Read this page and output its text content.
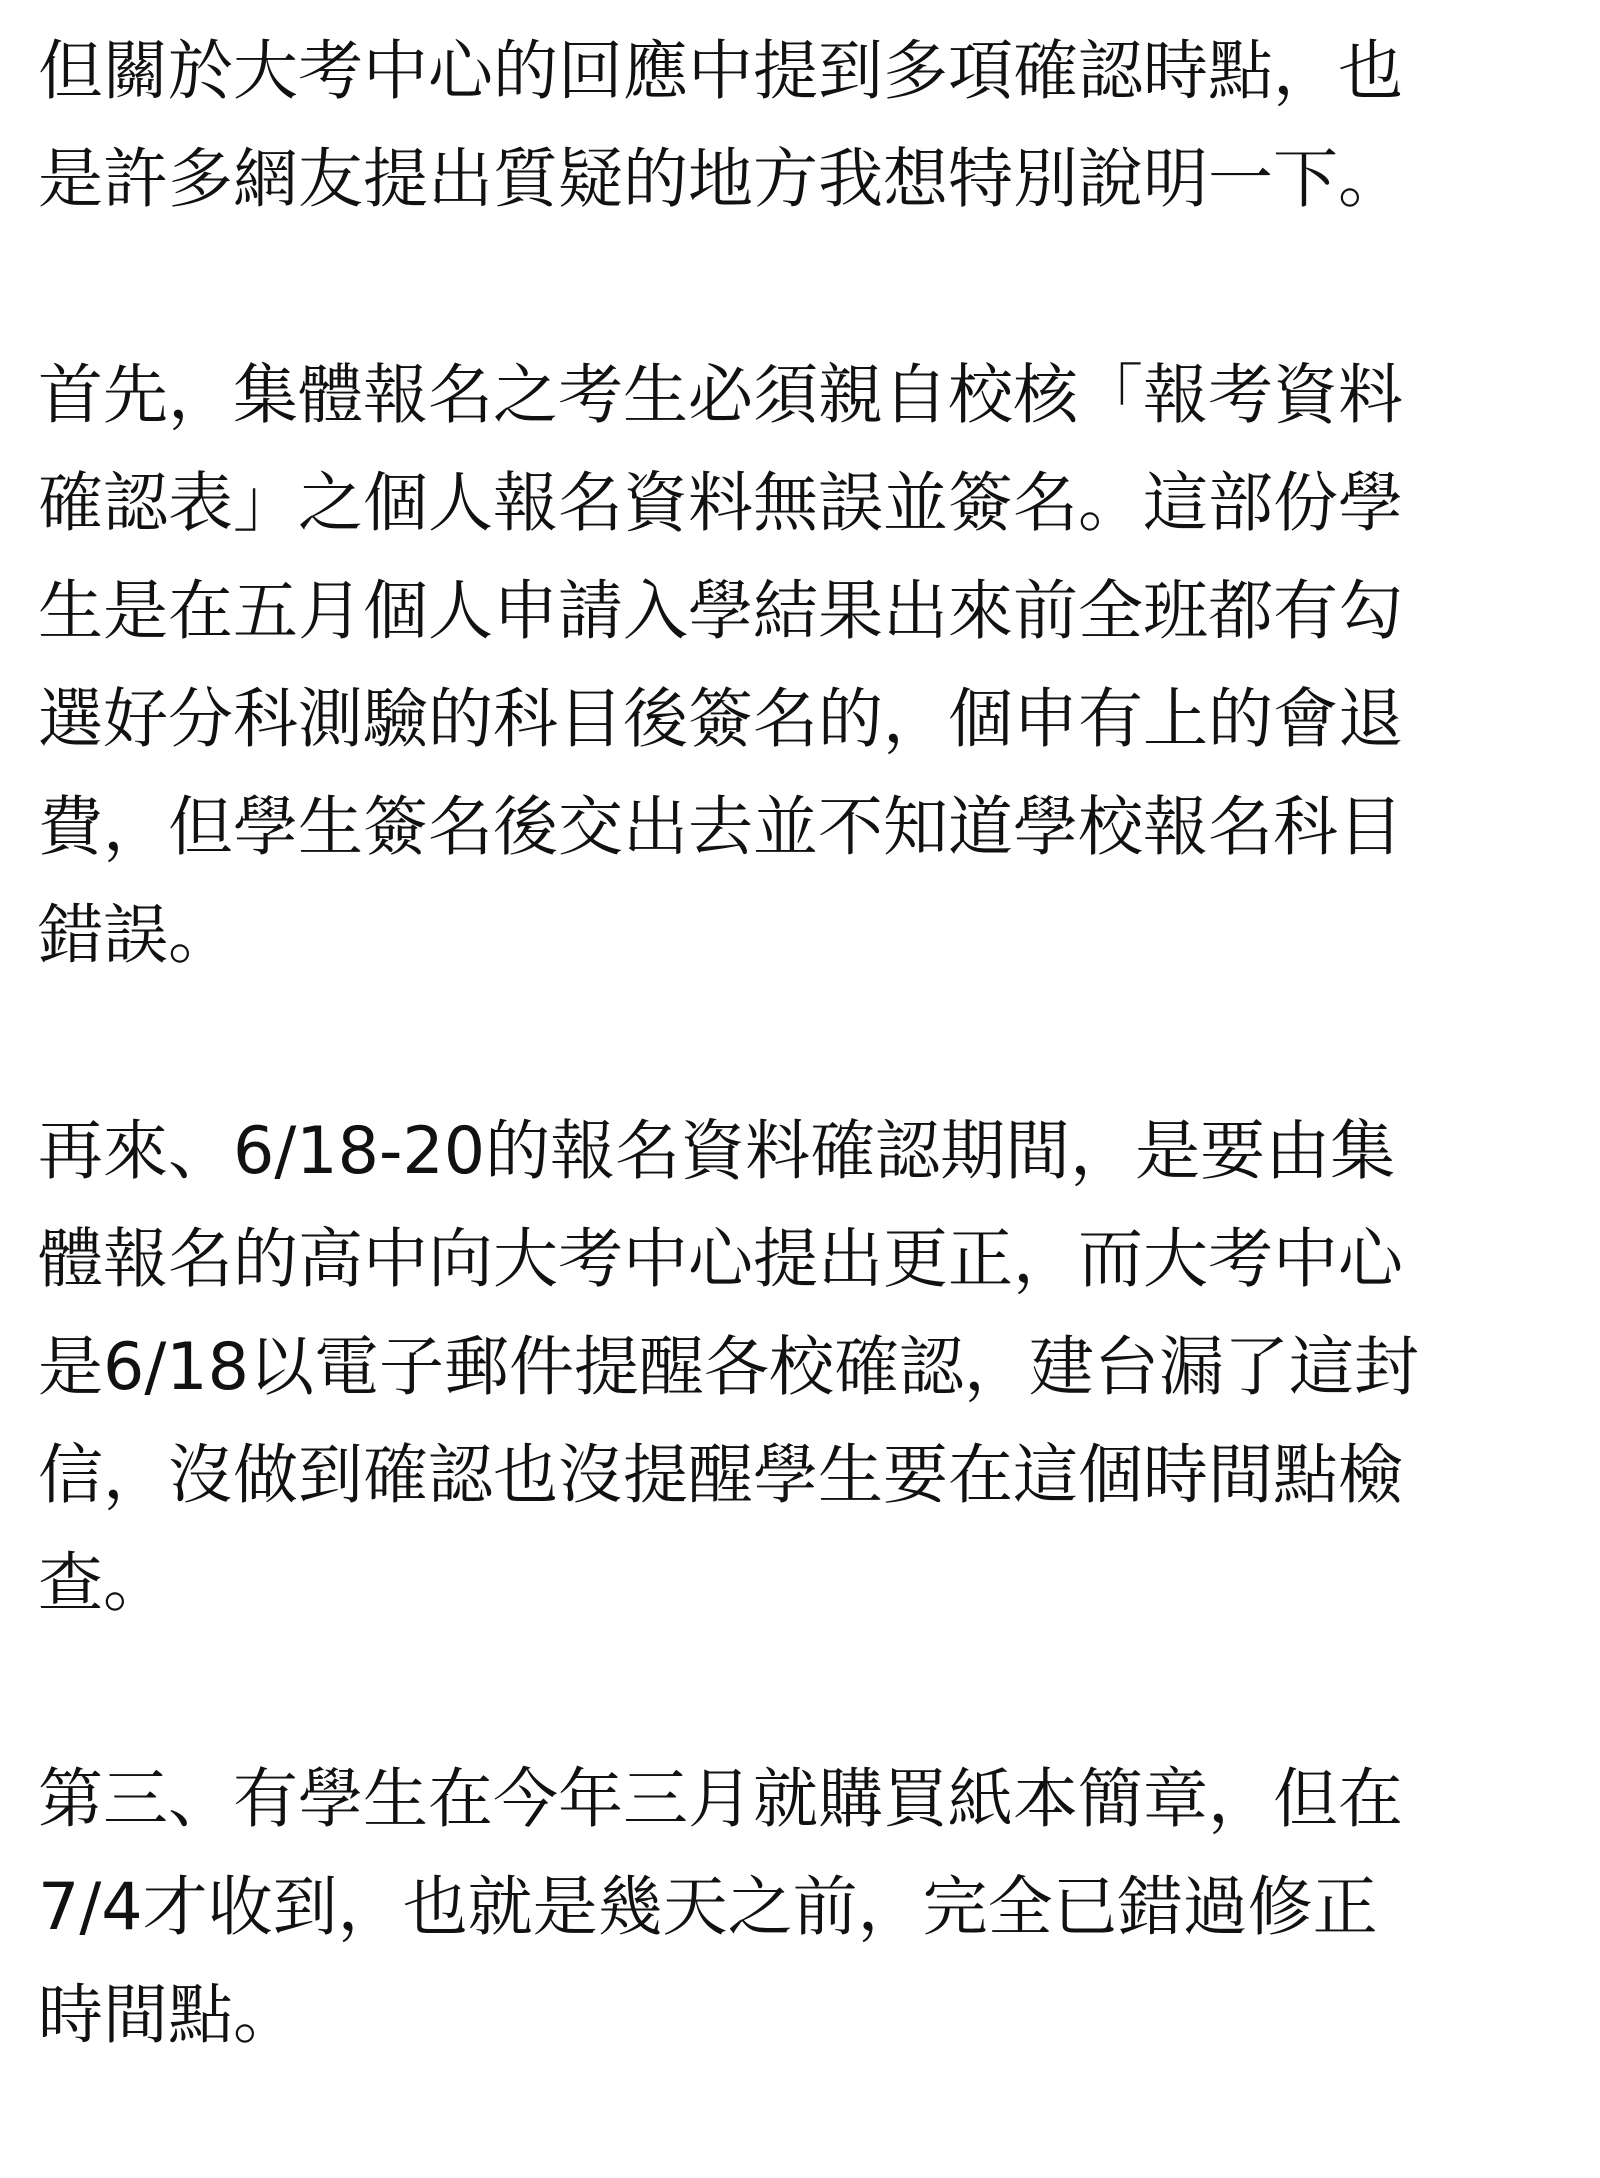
但關於大考中心的回應中提到多項確認時點，也
是許多網友提出質疑的地方我想特別說明一下。
首先，集體報名之考生必須親自校核「報考資料
確認表」之個人報名資料無誤並簽名。這部份學
生是在五月個人申請入學結果出來前全班都有勾
選好分科測驗的科目後簽名的，個申有上的會退
費，但學生簽名後交出去並不知道學校報名科目
錯誤。
再來、6/18-20的報名資料確認期間，是要由集
體報名的高中向大考中心提出更正，而大考中心
是6/18以電子郵件提醒各校確認，建台漏了這封
信，沒做到確認也沒提醒學生要在這個時間點檢
查。
第三、有學生在今年三月就購買紙本簡章，但在
7/4才收到，也就是幾天之前，完全已錯過修正
時間點。
